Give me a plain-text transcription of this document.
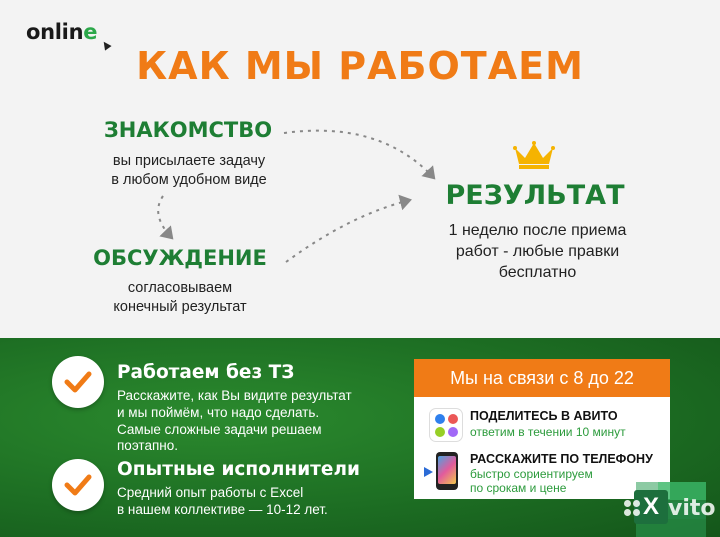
online
КАК МЫ РАБОТАЕМ
ЗНАКОМСТВО
вы присылаете задачу
в любом удобном виде
ОБСУЖДЕНИЕ
согласовываем
конечный результат
РЕЗУЛЬТАТ
1 неделю после приема
работ - любые правки
бесплатно
Работаем без ТЗ
Расскажите, как Вы видите результат
и мы поймём, что надо сделать.
Самые сложные задачи решаем
поэтапно.
Опытные исполнители
Средний опыт работы с Excel
в нашем коллективе — 10-12 лет.
Мы на связи с 8 до 22
ПОДЕЛИТЕСЬ В АВИТО
ответим в течении 10 минут
РАССКАЖИТЕ ПО ТЕЛЕФОНУ
быстро сориентируем
по срокам и цене
X vito
